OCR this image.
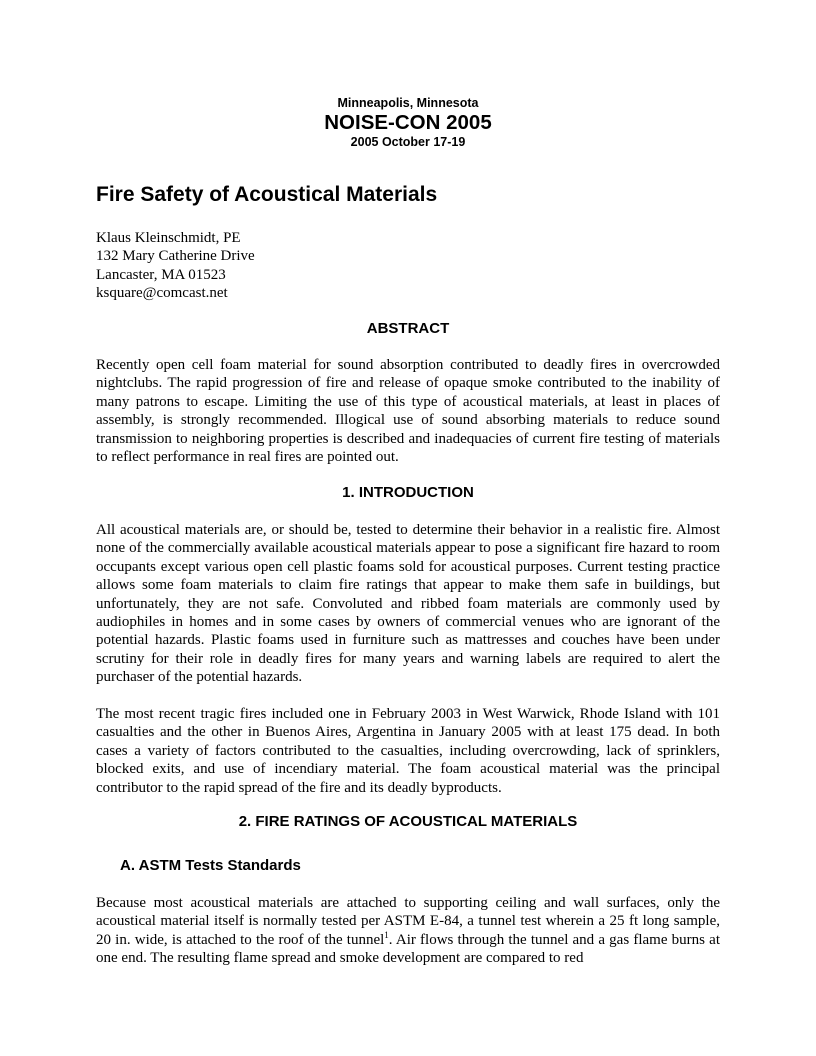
Minneapolis, Minnesota
NOISE-CON 2005
2005 October 17-19
Fire Safety of Acoustical Materials
Klaus Kleinschmidt, PE
132 Mary Catherine Drive
Lancaster, MA 01523
ksquare@comcast.net
ABSTRACT

Recently open cell foam material for sound absorption contributed to deadly fires in overcrowded nightclubs. The rapid progression of fire and release of opaque smoke contributed to the inability of many patrons to escape. Limiting the use of this type of acoustical materials, at least in places of assembly, is strongly recommended. Illogical use of sound absorbing materials to reduce sound transmission to neighboring properties is described and inadequacies of current fire testing of materials to reflect performance in real fires are pointed out.

1. INTRODUCTION

All acoustical materials are, or should be, tested to determine their behavior in a realistic fire. Almost none of the commercially available acoustical materials appear to pose a significant fire hazard to room occupants except various open cell plastic foams sold for acoustical purposes. Current testing practice allows some foam materials to claim fire ratings that appear to make them safe in buildings, but unfortunately, they are not safe. Convoluted and ribbed foam materials are commonly used by audiophiles in homes and in some cases by owners of commercial venues who are ignorant of the potential hazards. Plastic foams used in furniture such as mattresses and couches have been under scrutiny for their role in deadly fires for many years and warning labels are required to alert the purchaser of the potential hazards.

The most recent tragic fires included one in February 2003 in West Warwick, Rhode Island with 101 casualties and the other in Buenos Aires, Argentina in January 2005 with at least 175 dead. In both cases a variety of factors contributed to the casualties, including overcrowding, lack of sprinklers, blocked exits, and use of incendiary material. The foam acoustical material was the principal contributor to the rapid spread of the fire and its deadly byproducts.

2. FIRE RATINGS OF ACOUSTICAL MATERIALS
A. ASTM Tests Standards

Because most acoustical materials are attached to supporting ceiling and wall surfaces, only the acoustical material itself is normally tested per ASTM E-84, a tunnel test wherein a 25 ft long sample, 20 in. wide, is attached to the roof of the tunnel$^1$. Air flows through the tunnel and a gas flame burns at one end. The resulting flame spread and smoke development are compared to red
